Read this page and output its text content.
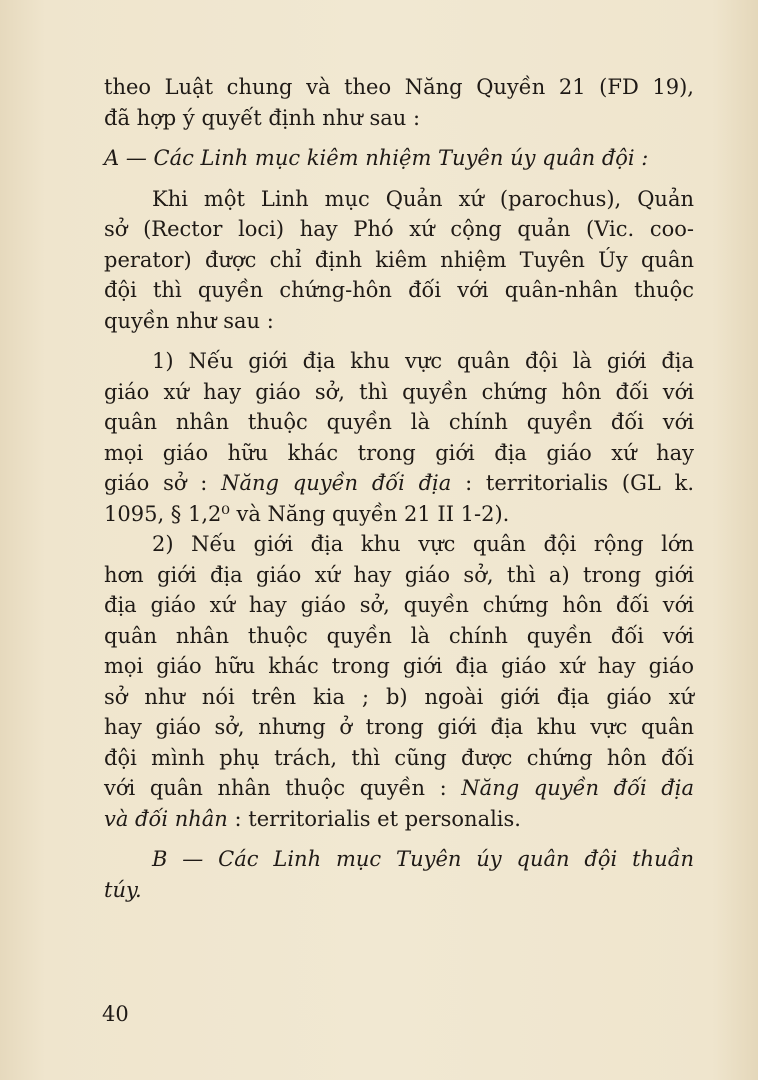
theo Luật chung và theo Năng Quyền 21 (FD 19),
đã hợp ý quyết định như sau :
A — Các Linh mục kiêm nhiệm Tuyên úy quân đội :
Khi một Linh mục Quản xứ (parochus), Quản
sở (Rector loci) hay Phó xứ cộng quản (Vic. coo-
perator) được chỉ định kiêm nhiệm Tuyên Úy quân
đội thì quyền chứng-hôn đối với quân-nhân thuộc
quyền như sau :
1) Nếu giới địa khu vực quân đội là giới địa
giáo xứ hay giáo sở, thì quyền chứng hôn đối với
quân nhân thuộc quyền là chính quyền đối với
mọi giáo hữu khác trong giới địa giáo xứ hay
giáo sở : Năng quyền đối địa : territorialis (GL k.
1095, § 1,2⁰ và Năng quyền 21 II 1-2).
2) Nếu giới địa khu vực quân đội rộng lớn
hơn giới địa giáo xứ hay giáo sở, thì a) trong giới
địa giáo xứ hay giáo sở, quyền chứng hôn đối với
quân nhân thuộc quyền là chính quyền đối với
mọi giáo hữu khác trong giới địa giáo xứ hay giáo
sở như nói trên kia ; b) ngoài giới địa giáo xứ
hay giáo sở, nhưng ở trong giới địa khu vực quân
đội mình phụ trách, thì cũng được chứng hôn đối
với quân nhân thuộc quyền : Năng quyền đối địa
và đối nhân : territorialis et personalis.
B — Các Linh mục Tuyên úy quân đội thuần
túy.
40
